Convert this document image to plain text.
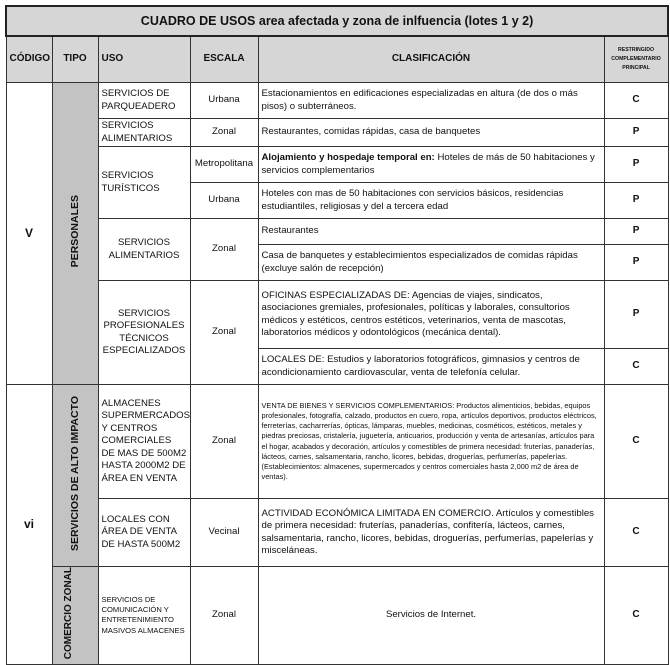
CUADRO DE USOS area afectada y zona de inlfuencia (lotes 1 y 2)					
CÓDIGO	TIPO	USO	ESCALA	CLASIFICACIÓN	RESTRINGIDO COMPLEMENTARIO PRINCIPAL
V	PERSONALES	SERVICIOS DE PARQUEADERO	Urbana	Estacionamientos en edificaciones especializadas en altura (de dos o más pisos) o subterráneos.	C
		SERVICIOS ALIMENTARIOS	Zonal	Restaurantes, comidas rápidas, casa de banquetes	P
		SERVICIOS TURÍSTICOS	Metropolitana	Alojamiento y hospedaje temporal en: Hoteles de más de 50 habitaciones y servicios complementarios	P
			Urbana	Hoteles con mas de 50 habitaciones con servicios básicos, residencias estudiantiles, religiosas y del a tercera edad	P
		SERVICIOS ALIMENTARIOS	Zonal	Restaurantes	P
				Casa de banquetes y establecimientos especializados de comidas rápidas (excluye salón de recepción)	P
		SERVICIOS PROFESIONALES TÉCNICOS ESPECIALIZADOS	Zonal	OFICINAS ESPECIALIZADAS DE: Agencias de viajes, sindicatos, asociaciones gremiales, profesionales, políticas y laborales, consultorios médicos y estéticos, centros estéticos, veterinarios, venta de mascotas, laboratorios médicos y odontológicos (mecánica dental).	P
				LOCALES DE: Estudios y laboratorios fotográficos, gimnasios y centros de acondicionamiento cardiovascular, venta de telefonía celular.	C
vi	SERVICIOS DE ALTO IMPACTO	ALMACENES SUPERMERCADOS Y CENTROS COMERCIALES DE MAS DE 500M2 HASTA 2000M2 DE ÁREA EN VENTA	Zonal	VENTA DE BIENES Y SERVICIOS COMPLEMENTARIOS: Productos alimenticios, bebidas, equipos profesionales, fotografía, calzado, productos en cuero, ropa, artículos deportivos, productos eléctricos, ferreterías, cacharrerías, ópticas, lámparas, muebles, medicinas, cosméticos, estéticos, metales y piedras preciosas, cristalería, juguetería, anticuarios, producción y venta de artesanías, artículos para el hogar, acabados y decoración, artículos y comestibles de primera necesidad: fruterías, panaderías, lácteos, carnes, salsamentaria, rancho, licores, bebidas, droguerías, perfumerías, papelerías. (Establecimientos: almacenes, supermercados y centros comerciales hasta 2,000 m2 de área de ventas).	C
		LOCALES CON ÁREA DE VENTA DE HASTA 500M2	Vecinal	ACTIVIDAD ECONÓMICA LIMITADA EN COMERCIO. Artículos y comestibles de primera necesidad: fruterías, panaderías, confitería, lácteos, carnes, salsamentaria, rancho, licores, bebidas, droguerías, perfumerías, papelerías y misceláneas.	C
	COMERCIO ZONAL	SERVICIOS DE COMUNICACIÓN Y ENTRETENIMIENTO MASIVOS ALMACENES	Zonal	Servicios de Internet.	C
